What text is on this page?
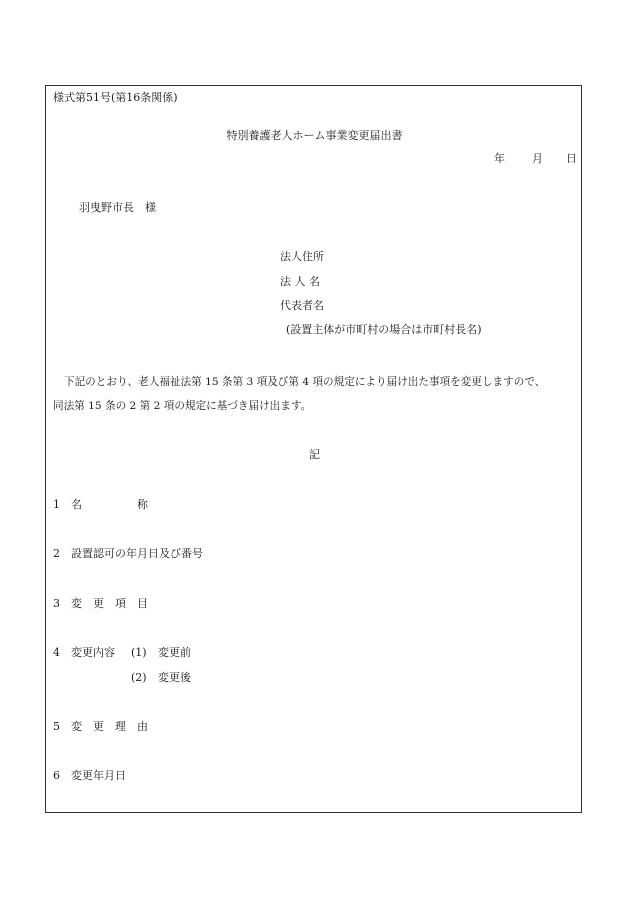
様式第51号(第16条関係)
特別養護老人ホーム事業変更届出書
年 月 日
羽曳野市長　様
法人住所
法 人 名
代表者名
(設置主体が市町村の場合は市町村長名)
下記のとおり、老人福祉法第 15 条第 3 項及び第 4 項の規定により届け出た事項を変更しますので、
同法第 15 条の 2 第 2 項の規定に基づき届け出ます。
記
1 名　　　　　称
2 設置認可の年月日及び番号
3 変　更　項　目
4 変更内容 (1) 変更前
(2) 変更後
5 変　更　理　由
6 変更年月日
